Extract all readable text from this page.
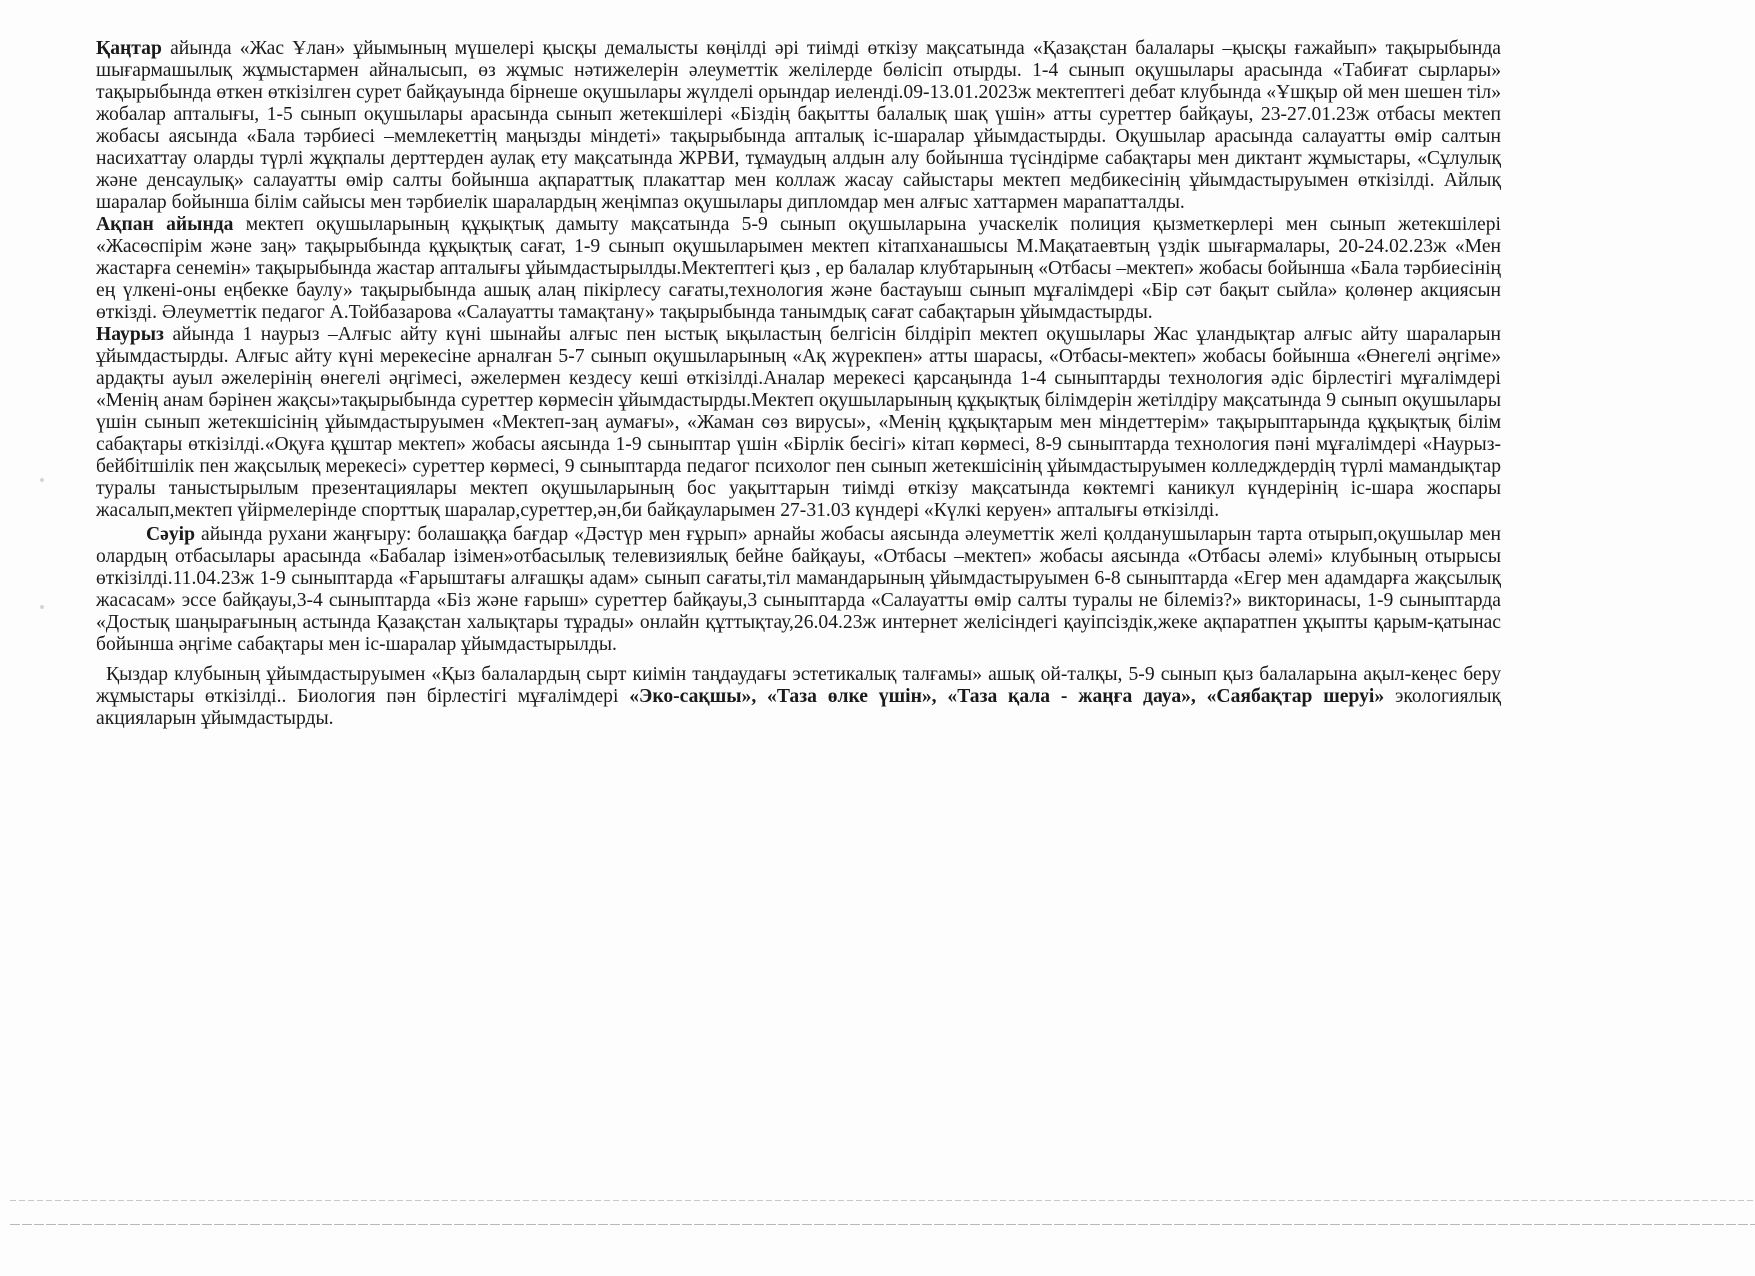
Қаңтар айында «Жас Ұлан» ұйымының мүшелері қысқы демалысты көңілді әрі тиімді өткізу мақсатында «Қазақстан балалары –қысқы ғажайып» тақырыбында шығармашылық жұмыстармен айналысып, өз жұмыс нәтижелерін әлеуметтік желілерде бөлісіп отырды. 1-4 сынып оқушылары арасында «Табиғат сырлары» тақырыбында өткен өткізілген сурет байқауында бірнеше оқушылары жүлделі орындар иеленді.09-13.01.2023ж мектептегі дебат клубында «Ұшқыр ой мен шешен тіл» жобалар апталығы, 1-5 сынып оқушылары арасында сынып жетекшілері «Біздің бақытты балалық шақ үшін» атты суреттер байқауы, 23-27.01.23ж отбасы мектеп жобасы аясында «Бала тәрбиесі –мемлекеттің маңызды міндеті» тақырыбында апталық іс-шаралар ұйымдастырды. Оқушылар арасында салауатты өмір салтын насихаттау оларды түрлі жұқпалы дерттерден аулақ ету мақсатында ЖРВИ, тұмаудың алдын алу бойынша түсіндірме сабақтары мен диктант жұмыстары, «Сұлулық және денсаулық» салауатты өмір салты бойынша ақпараттық плакаттар мен коллаж жасау сайыстары мектеп медбикесінің ұйымдастыруымен өткізілді. Айлық шаралар бойынша білім сайысы мен тәрбиелік шаралардың жеңімпаз оқушылары дипломдар мен алғыс хаттармен марапатталды.

Ақпан айында мектеп оқушыларының құқықтық дамыту мақсатында 5-9 сынып оқушыларына учаскелік полиция қызметкерлері мен сынып жетекшілері «Жасөспірім және заң» тақырыбында құқықтық сағат, 1-9 сынып оқушыларымен мектеп кітапханашысы М.Мақатаевтың үздік шығармалары, 20-24.02.23ж «Мен жастарға сенемін» тақырыбында жастар апталығы ұйымдастырылды.Мектептегі қыз , ер балалар клубтарының «Отбасы –мектеп» жобасы бойынша «Бала тәрбиесінің ең үлкені-оны еңбекке баулу» тақырыбында ашық алаң пікірлесу сағаты,технология және бастауыш сынып мұғалімдері «Бір сәт бақыт сыйла» қолөнер акциясын өткізді. Әлеуметтік педагог А.Тойбазарова «Салауатты тамақтану» тақырыбында танымдық сағат сабақтарын ұйымдастырды.

Наурыз айында 1 наурыз –Алғыс айту күні шынайы алғыс пен ыстық ықыластың белгісін білдіріп мектеп оқушылары Жас ұландықтар алғыс айту шараларын ұйымдастырды. Алғыс айту күні мерекесіне арналған 5-7 сынып оқушыларының «Ақ жүрекпен» атты шарасы, «Отбасы-мектеп» жобасы бойынша «Өнегелі әңгіме» ардақты ауыл әжелерінің өнегелі әңгімесі, әжелермен кездесу кеші өткізілді.Аналар мерекесі қарсаңында 1-4 сыныптарды технология әдіс бірлестігі мұғалімдері «Менің анам бәрінен жақсы»тақырыбында суреттер көрмесін ұйымдастырды.Мектеп оқушыларының құқықтық білімдерін жетілдіру мақсатында 9 сынып оқушылары үшін сынып жетекшісінің ұйымдастыруымен «Мектеп-заң аумағы», «Жаман сөз вирусы», «Менің құқықтарым мен міндеттерім» тақырыптарында құқықтық білім сабақтары өткізілді.«Оқуға құштар мектеп» жобасы аясында 1-9 сыныптар үшін «Бірлік бесігі» кітап көрмесі, 8-9 сыныптарда технология пәні мұғалімдері «Наурыз-бейбітшілік пен жақсылық мерекесі» суреттер көрмесі, 9 сыныптарда педагог психолог пен сынып жетекшісінің ұйымдастыруымен колледждердің түрлі мамандықтар туралы таныстырылым презентациялары мектеп оқушыларының бос уақыттарын тиімді өткізу мақсатында көктемгі каникул күндерінің іс-шара жоспары жасалып,мектеп үйірмелерінде спорттық шаралар,суреттер,ән,би байқауларымен 27-31.03 күндері «Күлкі керуен» апталығы өткізілді.

Сәуір айында рухани жаңғыру: болашаққа бағдар «Дәстүр мен ғұрып» арнайы жобасы аясында әлеуметтік желі қолданушыларын тарта отырып,оқушылар мен олардың отбасылары арасында «Бабалар ізімен»отбасылық телевизиялық бейне байқауы, «Отбасы –мектеп» жобасы аясында «Отбасы әлемі» клубының отырысы өткізілді.11.04.23ж 1-9 сыныптарда «Ғарыштағы алғашқы адам» сынып сағаты,тіл мамандарының ұйымдастыруымен 6-8 сыныптарда «Егер мен адамдарға жақсылық жасасам» эссе байқауы,3-4 сыныптарда «Біз және ғарыш» суреттер байқауы,3 сыныптарда «Салауатты өмір салты туралы не білеміз?» викторинасы, 1-9 сыныптарда «Достық шаңырағының астында Қазақстан халықтары тұрады» онлайн құттықтау,26.04.23ж интернет желісіндегі қауіпсіздік,жеке ақпаратпен ұқыпты қарым-қатынас бойынша әңгіме сабақтары мен іс-шаралар ұйымдастырылды.

Қыздар клубының ұйымдастыруымен «Қыз балалардың сырт киімін таңдаудағы эстетикалық талғамы» ашық ой-талқы, 5-9 сынып қыз балаларына ақыл-кеңес беру жұмыстары өткізілді.. Биология пән бірлестігі мұғалімдері «Эко-сақшы», «Таза өлке үшін», «Таза қала - жаңға дауа», «Саябақтар шеруі» экологиялық акцияларын ұйымдастырды.
